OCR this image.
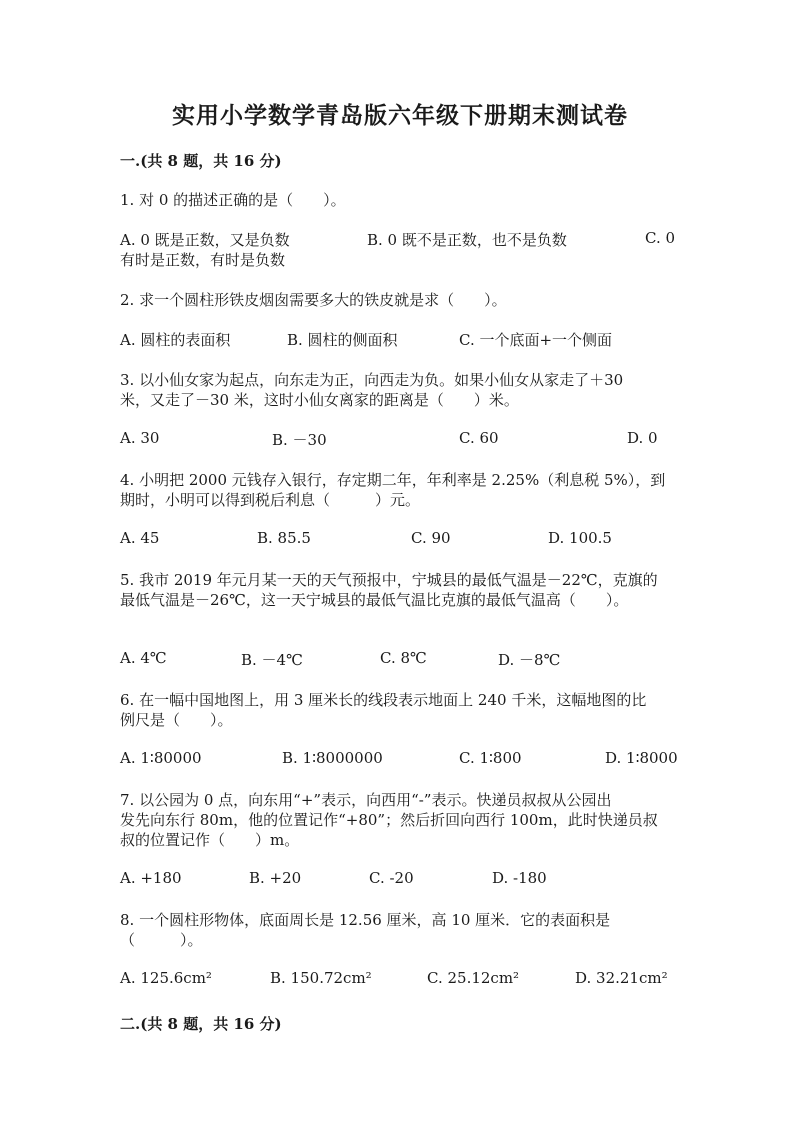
实用小学数学青岛版六年级下册期末测试卷
一.(共 8 题，共 16 分)
1. 对 0 的描述正确的是（　　）。
A. 0 既是正数，又是负数	B. 0 既不是正数，也不是负数	C. 0
有时是正数，有时是负数
2. 求一个圆柱形铁皮烟囱需要多大的铁皮就是求（　　）。
A. 圆柱的表面积	B. 圆柱的侧面积	C. 一个底面+一个侧面
3. 以小仙女家为起点，向东走为正，向西走为负。如果小仙女从家走了＋30
米，又走了－30 米，这时小仙女离家的距离是（　　）米。
A. 30	B. －30	C. 60	D. 0
4. 小明把 2000 元钱存入银行，存定期二年，年利率是 2.25%（利息税 5%），到
期时，小明可以得到税后利息（　　　）元。
A. 45	B. 85.5	C. 90	D. 100.5
5. 我市 2019 年元月某一天的天气预报中，宁城县的最低气温是－22℃，克旗的
最低气温是－26℃，这一天宁城县的最低气温比克旗的最低气温高（　　）。
A. 4℃	B. －4℃	C. 8℃	D. －8℃
6. 在一幅中国地图上，用 3 厘米长的线段表示地面上 240 千米，这幅地图的比
例尺是（　　）。
A. 1∶80000	B. 1∶8000000	C. 1∶800	D. 1∶8000
7. 以公园为 0 点，向东用“+”表示，向西用“-”表示。快递员叔叔从公园出
发先向东行 80m，他的位置记作“+80”；然后折回向西行 100m，此时快递员叔
叔的位置记作（　　）m。
A. +180	B. +20	C. -20	D. -180
8. 一个圆柱形物体，底面周长是 12.56 厘米，高 10 厘米．它的表面积是
（　　　）。
A. 125.6cm²	B. 150.72cm²	C. 25.12cm²	D. 32.21cm²
二.(共 8 题，共 16 分)
